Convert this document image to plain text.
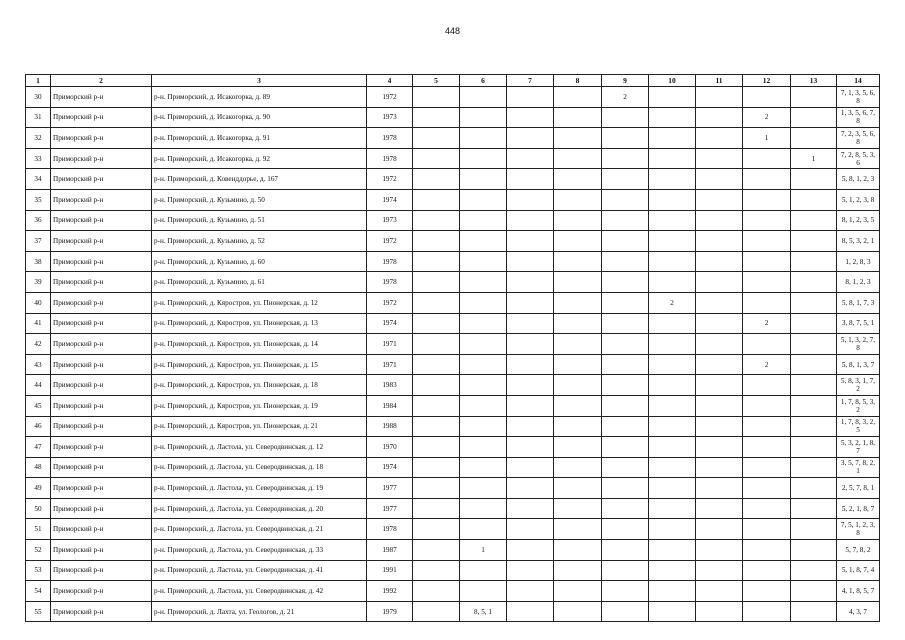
448
1	2	3	4	5	6	7	8	9	10	11	12	13	14
30	Приморский р-н	р-н. Приморский, д. Исакогорка, д. 89	1972					2					7, 1, 3, 5, 6, 8
31	Приморский р-н	р-н. Приморский, д. Исакогорка, д. 90	1973								2		1, 3, 5, 6, 7, 8
32	Приморский р-н	р-н. Приморский, д. Исакогорка, д. 91	1978								1		7, 2, 3, 5, 6, 8
33	Приморский р-н	р-н. Приморский, д. Исакогорка, д. 92	1978									1	7, 2, 8, 5, 3, 6
34	Приморский р-н	р-н. Приморский, д. Ковенддорье, д. 167	1972										5, 8, 1, 2, 3
35	Приморский р-н	р-н. Приморский, д. Кузьмино, д. 50	1974										5, 1, 2, 3, 8
36	Приморский р-н	р-н. Приморский, д. Кузьмино, д. 51	1973										8, 1, 2, 3, 5
37	Приморский р-н	р-н. Приморский, д. Кузьмино, д. 52	1972										8, 5, 3, 2, 1
38	Приморский р-н	р-н. Приморский, д. Кузьмино, д. 60	1978										1, 2, 8, 3
39	Приморский р-н	р-н. Приморский, д. Кузьмино, д. 61	1978										8, 1, 2, 3
40	Приморский р-н	р-н. Приморский, д. Кяростров, ул. Пионерская, д. 12	1972						2				5, 8, 1, 7, 3
41	Приморский р-н	р-н. Приморский, д. Кяростров, ул. Пионерская, д. 13	1974								2		3, 8, 7, 5, 1
42	Приморский р-н	р-н. Приморский, д. Кяростров, ул. Пионерская, д. 14	1971										5, 1, 3, 2, 7, 8
43	Приморский р-н	р-н. Приморский, д. Кяростров, ул. Пионерская, д. 15	1971								2		5, 8, 1, 3, 7
44	Приморский р-н	р-н. Приморский, д. Кяростров, ул. Пионерская, д. 18	1983										5, 8, 3, 1, 7, 2
45	Приморский р-н	р-н. Приморский, д. Кяростров, ул. Пионерская, д. 19	1984										1, 7, 8, 5, 3, 2
46	Приморский р-н	р-н. Приморский, д. Кяростров, ул. Пионерская, д. 21	1988										1, 7, 8, 3, 2, 5
47	Приморский р-н	р-н. Приморский, д. Ластола, ул. Северодвинская, д. 12	1970										5, 3, 2, 1, 8, 7
48	Приморский р-н	р-н. Приморский, д. Ластола, ул. Северодвинская, д. 18	1974										3, 5, 7, 8, 2, 1
49	Приморский р-н	р-н. Приморский, д. Ластола, ул. Северодвинская, д. 19	1977										2, 5, 7, 8, 1
50	Приморский р-н	р-н. Приморский, д. Ластола, ул. Северодвинская, д. 20	1977										5, 2, 1, 8, 7
51	Приморский р-н	р-н. Приморский, д. Ластола, ул. Северодвинская, д. 21	1978										7, 5, 1, 2, 3, 8
52	Приморский р-н	р-н. Приморский, д. Ластола, ул. Северодвинская, д. 33	1987		1								5, 7, 8, 2
53	Приморский р-н	р-н. Приморский, д. Ластола, ул. Северодвинская, д. 41	1991										5, 1, 8, 7, 4
54	Приморский р-н	р-н. Приморский, д. Ластола, ул. Северодвинская, д. 42	1992										4, 1, 8, 5, 7
55	Приморский р-н	р-н. Приморский, д. Лахта, ул. Геологов, д. 21	1979		8, 5, 1								4, 3, 7
